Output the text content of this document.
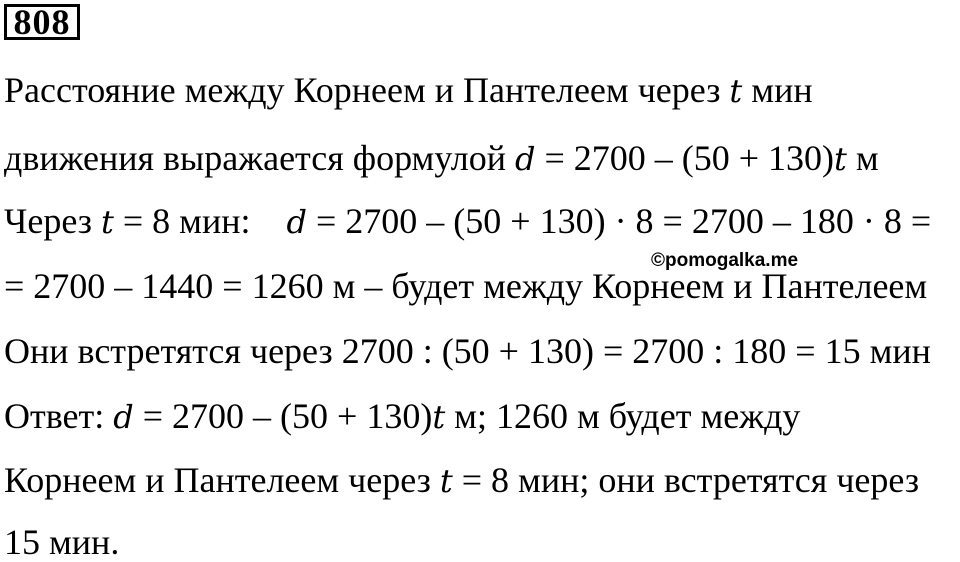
808
Расстояние между Корнеем и Пантелеем через t мин
движения выражается формулой d = 2700 – (50 + 130)t м
Через t = 8 мин:    d = 2700 – (50 + 130) · 8 = 2700 – 180 · 8 =
©pomogalka.me
= 2700 – 1440 = 1260 м – будет между Корнеем и Пантелеем
Они встретятся через 2700 : (50 + 130) = 2700 : 180 = 15 мин
Ответ: d = 2700 – (50 + 130)t м; 1260 м будет между
Корнеем и Пантелеем через t = 8 мин; они встретятся через
15 мин.
